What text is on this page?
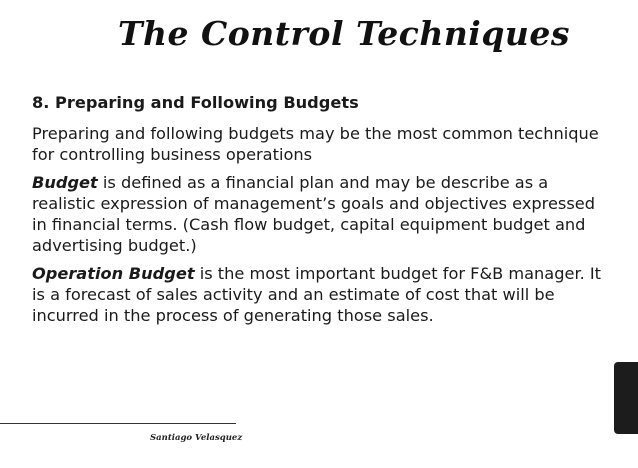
The Control Techniques

8. Preparing and Following Budgets

Preparing and following budgets may be the most common technique for controlling business operations

Budget is defined as a financial plan and may be describe as a realistic expression of management’s goals and objectives expressed in financial terms. (Cash flow budget, capital equipment budget and advertising budget.)

Operation Budget is the most important budget for F&B manager. It is a forecast of sales activity and an estimate of cost that will be incurred in the process of generating those sales.

Santiago Velasquez
